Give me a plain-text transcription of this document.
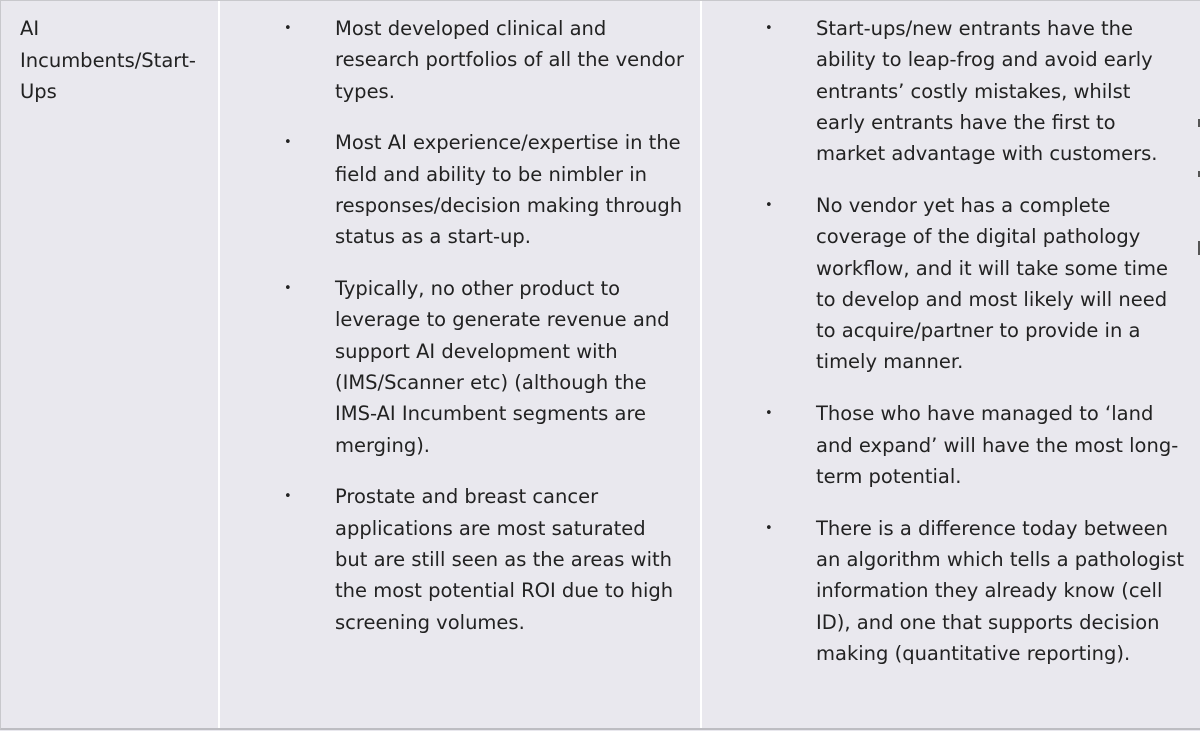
AI Incumbents/Start-Ups

• Most developed clinical and research portfolios of all the vendor types.
• Most AI experience/expertise in the field and ability to be nimbler in responses/decision making through status as a start-up.
• Typically, no other product to leverage to generate revenue and support AI development with (IMS/Scanner etc) (although the IMS-AI Incumbent segments are merging).
• Prostate and breast cancer applications are most saturated but are still seen as the areas with the most potential ROI due to high screening volumes.
• Start-ups/new entrants have the ability to leap-frog and avoid early entrants’ costly mistakes, whilst early entrants have the first to market advantage with customers.
• No vendor yet has a complete coverage of the digital pathology workflow, and it will take some time to develop and most likely will need to acquire/partner to provide in a timely manner.
• Those who have managed to ‘land and expand’ will have the most long-term potential.
• There is a difference today between an algorithm which tells a pathologist information they already know (cell ID), and one that supports decision making (quantitative reporting).
